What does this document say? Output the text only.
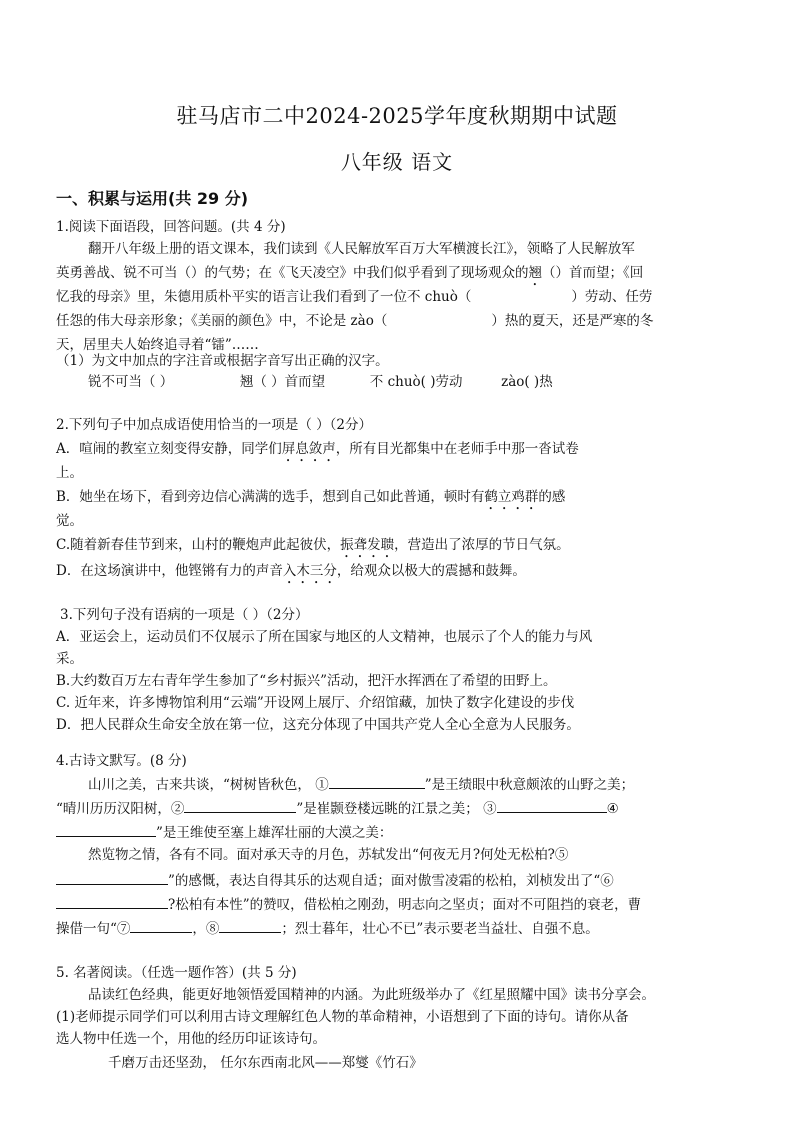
驻马店市二中2024-2025学年度秋期期中试题
八年级 语文
一、积累与运用(共 29 分)
1.阅读下面语段，回答问题。(共 4 分)
翻开八年级上册的语文课本，我们读到《人民解放军百万大军横渡长江》，领略了人民解放军
英勇善战、锐不可当（）的气势；在《飞天凌空》中我们似乎看到了现场观众的翘（）首而望；《回
忆我的母亲》里，朱德用质朴平实的语言让我们看到了一位不 chuò（	）劳动、任劳
任怨的伟大母亲形象；《美丽的颜色》中，不论是 zào（	）热的夏天，还是严寒的冬
天，居里夫人始终追寻着“镭”……
（1）为文中加点的字注音或根据字音写出正确的汉字。
锐不可当（ ）	翘（ ）首而望	不 chuò( )劳动	zào( )热
2.下列句子中加点成语使用恰当的一项是（ ）（2分）
A．喧闹的教室立刻变得安静，同学们屏息敛声，所有目光都集中在老师手中那一沓试卷
上。
B．她坐在场下，看到旁边信心满满的选手，想到自己如此普通，顿时有鹤立鸡群的感
觉。
C.随着新春佳节到来，山村的鞭炮声此起彼伏，振聋发聩，营造出了浓厚的节日气氛。
D．在这场演讲中，他铿锵有力的声音入木三分，给观众以极大的震撼和鼓舞。
3.下列句子没有语病的一项是（ ）（2分）
A．亚运会上，运动员们不仅展示了所在国家与地区的人文精神，也展示了个人的能力与风
采。
B.大约数百万左右青年学生参加了“乡村振兴”活动，把汗水挥洒在了希望的田野上。
C. 近年来，许多博物馆利用“云端”开设网上展厅、介绍馆藏，加快了数字化建设的步伐
D．把人民群众生命安全放在第一位，这充分体现了中国共产党人全心全意为人民服务。
4.古诗文默写。(8 分)
山川之美，古来共谈，“树树皆秋色， ①	”是王绩眼中秋意颇浓的山野之美；
“晴川历历汉阳树，②	”是崔颢登楼远眺的江景之美； ③	④
”是王维使至塞上雄浑壮丽的大漠之美：
然览物之情，各有不同。面对承天寺的月色，苏轼发出“何夜无月?何处无松柏?⑤
”的感慨，表达自得其乐的达观自适；面对傲雪凌霜的松柏，刘桢发出了“⑥
?松柏有本性”的赞叹，借松柏之刚劲，明志向之坚贞；面对不可阻挡的衰老，曹
操借一句“⑦	，⑧	；烈士暮年，壮心不已”表示要老当益壮、自强不息。
5. 名著阅读。（任选一题作答）(共 5 分)
品读红色经典，能更好地领悟爱国精神的内涵。为此班级举办了《红星照耀中国》读书分享会。
(1)老师提示同学们可以利用古诗文理解红色人物的革命精神，小语想到了下面的诗句。请你从备
选人物中任选一个，用他的经历印证该诗句。
千磨万击还坚劲， 任尔东西南北风——郑燮《竹石》
